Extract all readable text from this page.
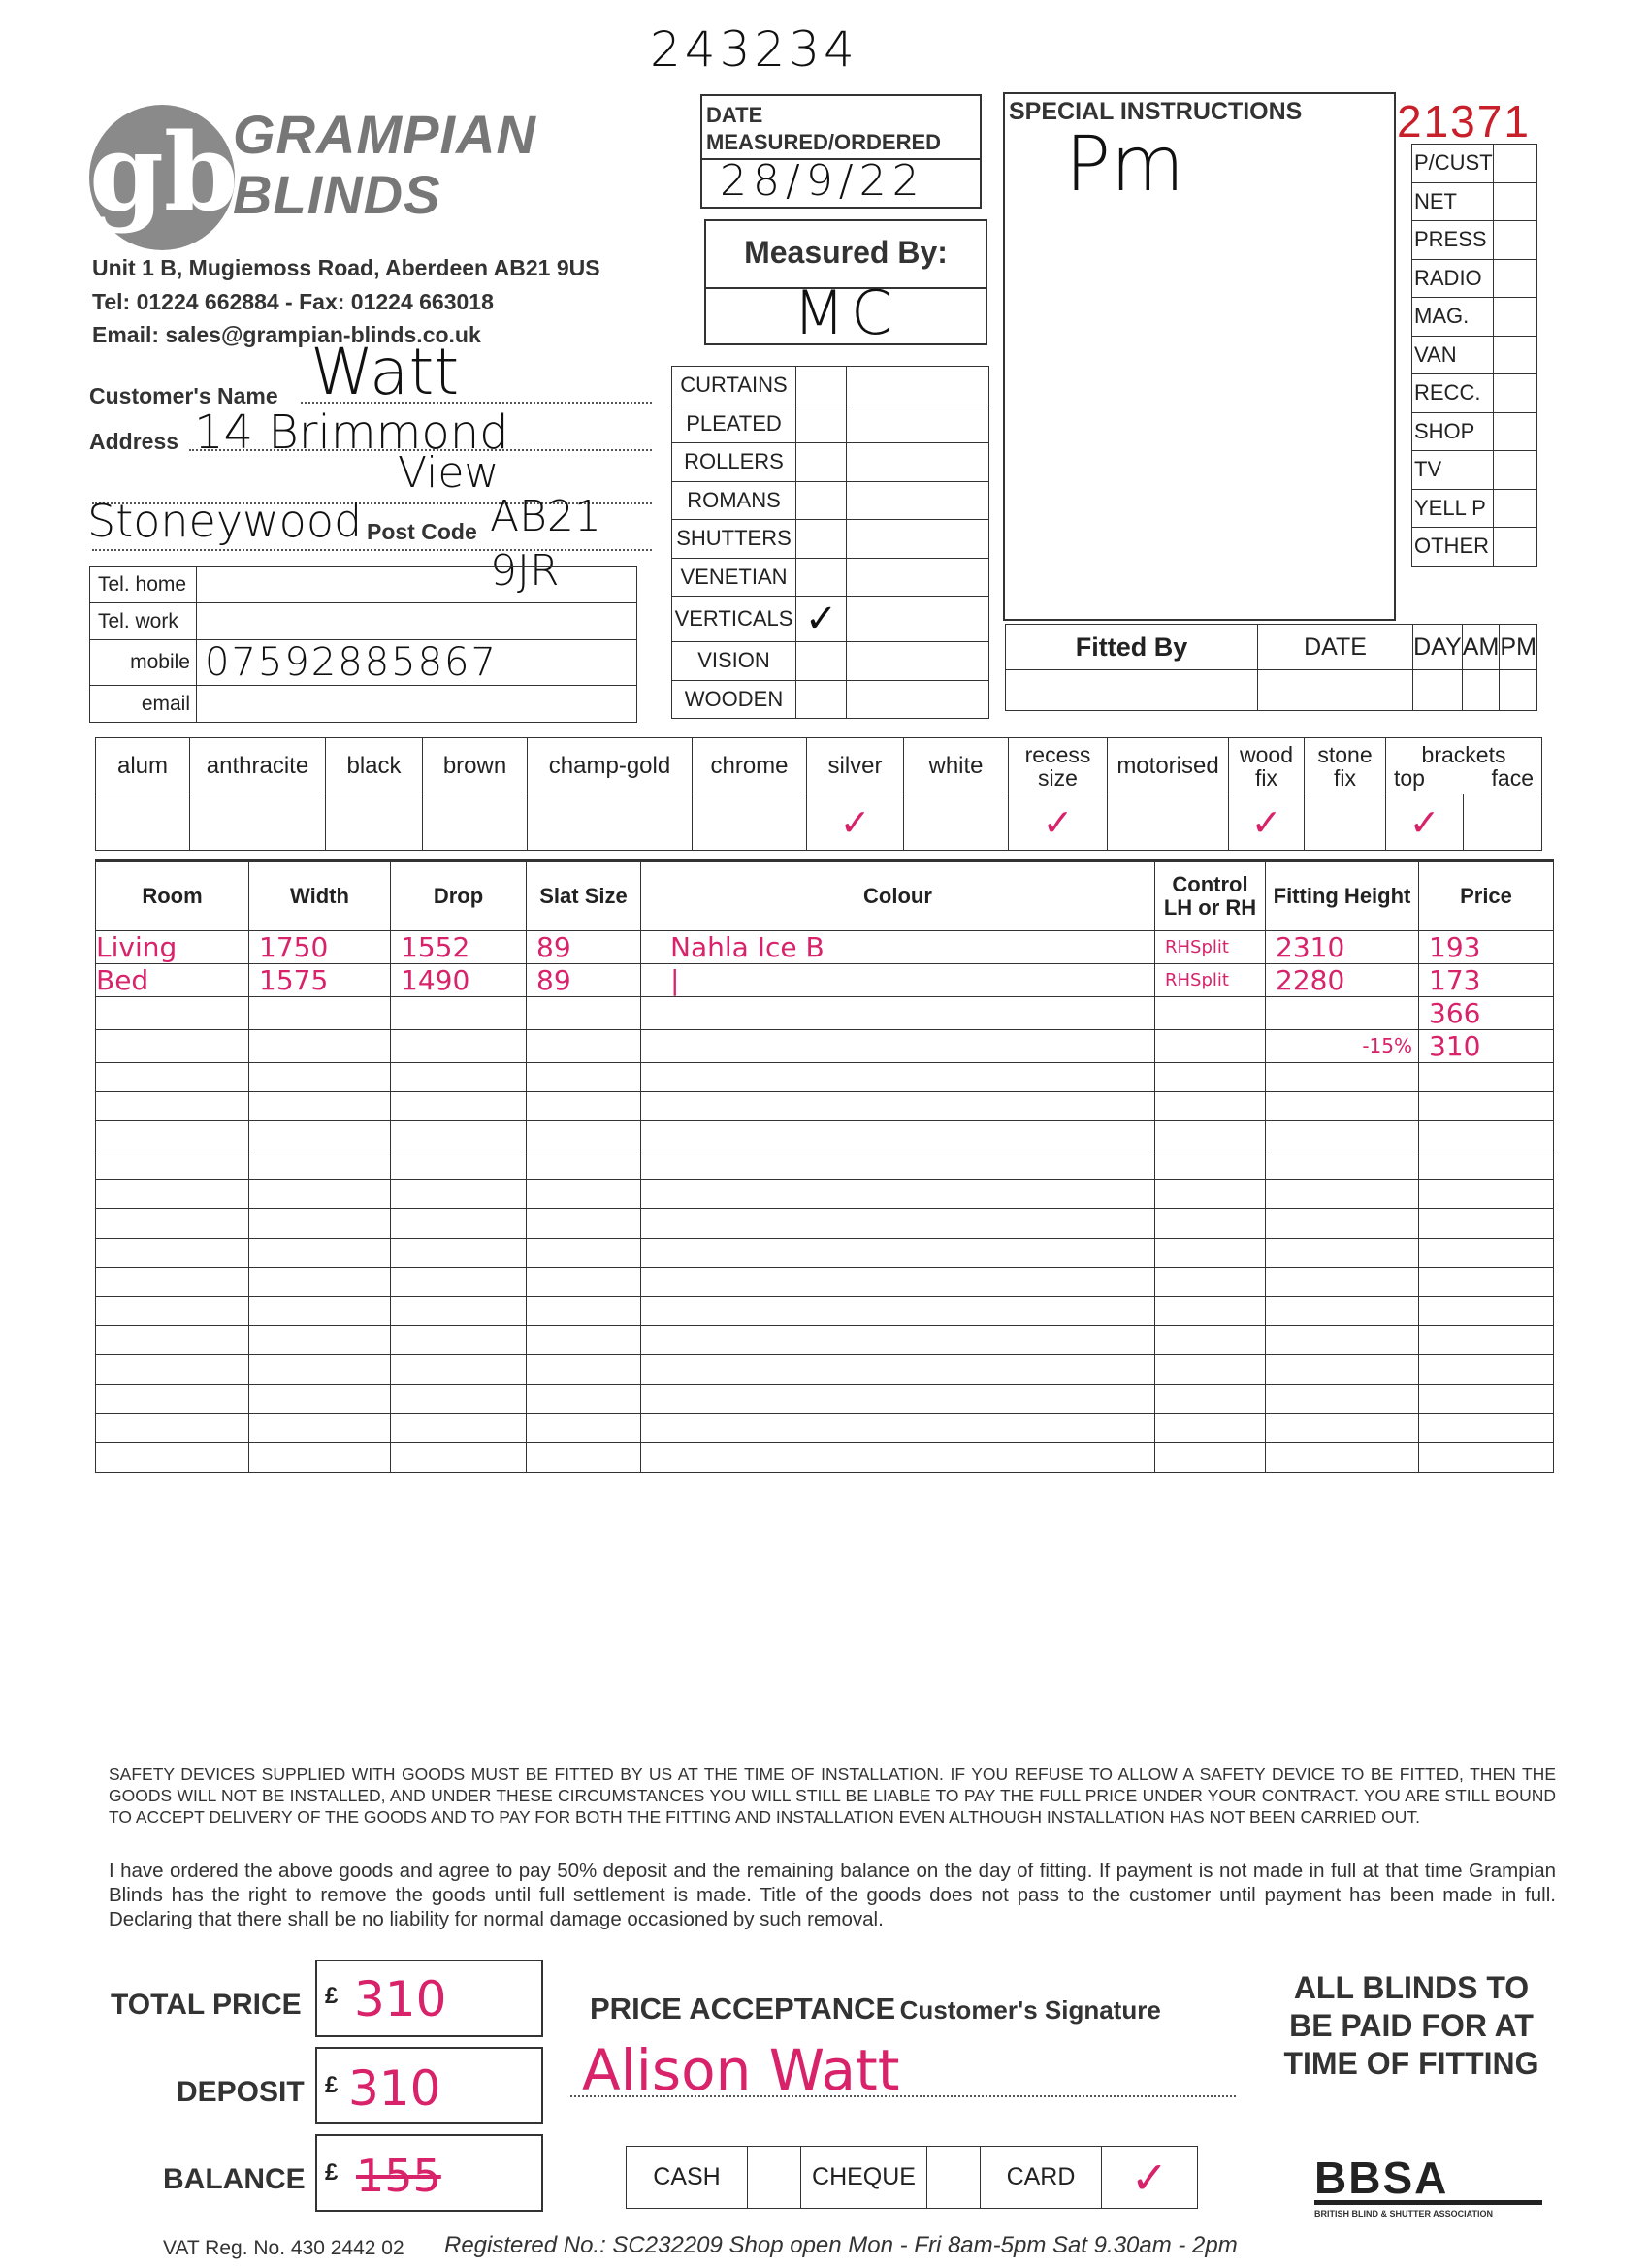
243234
gb
GRAMPIAN
BLINDS
Unit 1 B, Mugiemoss Road, Aberdeen AB21 9US
Tel: 01224 662884 - Fax: 01224 663018
Email: sales@grampian-blinds.co.uk
Customer's Name Watt
Address 14 Brimmond
View
Stoneywood Post Code AB21 9JR
Tel. home	
Tel. work	
mobile	07592885867
email	
DATE
MEASURED/ORDERED
28/9/22
Measured By:
MC
CURTAINS		
PLEATED		
ROLLERS		
ROMANS		
SHUTTERS		
VENETIAN		
VERTICALS	✓	
VISION		
WOODEN		
SPECIAL INSTRUCTIONS
Pm	21371
P/CUST	
NET	
PRESS	
RADIO	
MAG.	
VAN	
RECC.	
SHOP	
TV	
YELL P	
OTHER	
Fitted By	DATE	DAY	AM	PM

alum	anthracite	black	brown	champ-gold	chrome	silver	white	recess size	motorised	wood fix	stone fix	brackets
top face	

						✓		✓		✓		✓	
Room	Width	Drop	Slat Size	Colour	Control LH or RH	Fitting Height	Price
Living	1750	1552	89	Nahla Ice B	RHSplit	2310	193
Bed	1575	1490	89	|	RHSplit	2280	173
							366
						-15%	310

SAFETY DEVICES SUPPLIED WITH GOODS MUST BE FITTED BY US AT THE TIME OF INSTALLATION. IF YOU REFUSE TO ALLOW A SAFETY DEVICE TO BE FITTED, THEN THE GOODS WILL NOT BE INSTALLED, AND UNDER THESE CIRCUMSTANCES YOU WILL STILL BE LIABLE TO PAY THE FULL PRICE UNDER YOUR CONTRACT. YOU ARE STILL BOUND TO ACCEPT DELIVERY OF THE GOODS AND TO PAY FOR BOTH THE FITTING AND INSTALLATION EVEN ALTHOUGH INSTALLATION HAS NOT BEEN CARRIED OUT.
I have ordered the above goods and agree to pay 50% deposit and the remaining balance on the day of fitting. If payment is not made in full at that time Grampian Blinds has the right to remove the goods until full settlement is made. Title of the goods does not pass to the customer until payment has been made in full. Declaring that there shall be no liability for normal damage occasioned by such removal.
TOTAL PRICE £ 310
DEPOSIT £ 310
BALANCE £ 155
PRICE ACCEPTANCE Customer's Signature
Alison Watt
CASH		CHEQUE		CARD	✓
ALL BLINDS TO BE PAID FOR AT TIME OF FITTING
BBSA
BRITISH BLIND & SHUTTER ASSOCIATION
VAT Reg. No. 430 2442 02 Registered No.: SC232209 Shop open Mon - Fri 8am-5pm Sat 9.30am - 2pm
